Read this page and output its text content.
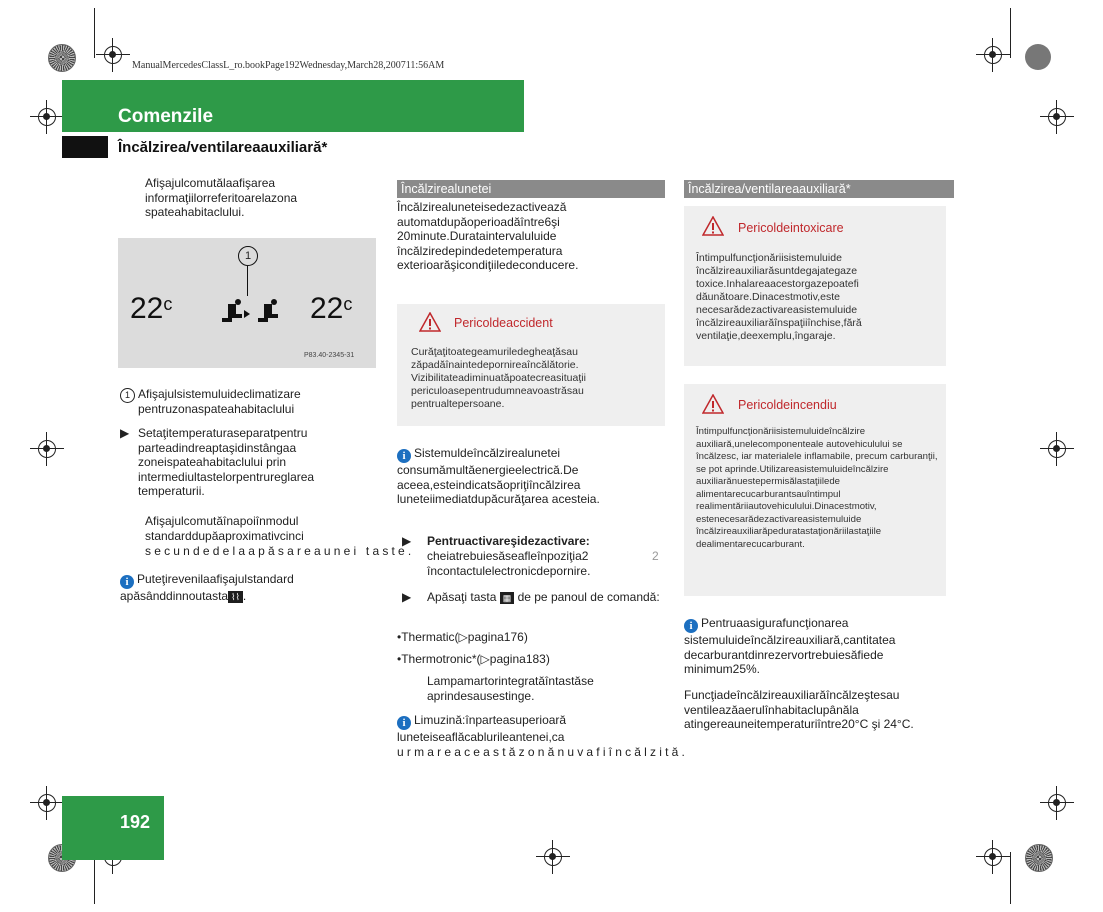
ManualMercedesClassL_ro.bookPage192Wednesday,March28,200711:56AM
Comenzile
Încălzirea/ventilareaauxiliară*
Afişajulcomutălaafişarea informaţiilorreferitoarelazona spateahabitaclului.
1
22$^c$	22$^c$
P83.40-2345-31
1 Afişajulsistemuluideclimatizare pentruzonaspateahabitaclului
▶ Setaţitemperaturaseparatpentru parteadindreaptaşidinstângaa zoneispateahabitaclului prin intermediultastelorpentrureglarea temperaturii.
Afişajulcomutăînapoiînmodul standarddupăaproximativcinci
secundedelaapăsareaunei taste.
i Puteţirevenilaafişajulstandard apăsânddinnoutasta ⌇⌇ .
Încălzirealunetei
Încălzirealuneteisedezactivează automatdupăoperioadăîntre6şi 20minute.Durataintervaluluide încălziredepindedetemperatura exterioarăşicondiţiiledeconducere.
Pericoldeaccident
Curăţaţitoategeamuriledegheaţăsau zăpadăînaintedepornireaîncălătorie. Vizibilitateadiminuatăpoatecreasituaţii periculoasepentrudumneavoastrăsau pentrualtepersoane.
i Sistemuldeîncălzirealunetei consumămultăenergieelectrică.De aceea,esteindicatsăopriţiîncălzirea luneteiimediatdupăcurăţarea acesteia.
▶ Pentruactivareşidezactivare:
cheiatrebuiesăseafleînpoziţia2 încontactulelectronicdepornire.
2
▶ Apăsaţi tasta ▦ de pe panoul de comandă:
•Thermatic(▷pagina176)
•Thermotronic*(▷pagina183)
Lampamartorintegratăîntastăse aprindesausestinge.
i Limuzină:înparteasuperioară luneteiseaflăcablurileantenei,ca
urmareaceastăzonănuvafiîncălzită.
Încălzirea/ventilareaauxiliară*
Pericoldeintoxicare
Întimpulfuncţionăriisistemuluide încălzireauxiliarăsuntdegajategaze toxice.Inhalareaacestorgazepoatefi dăunătoare.Dinacestmotiv,este necesarădezactivareasistemuluide încălzireauxiliarăînspaţiiînchise,fără ventilaţie,deexemplu,îngaraje.
Pericoldeincendiu
Întimpulfuncţionăriisistemuluideîncălzire auxiliară,unelecomponenteale autovehiculului se încălzesc, iar materialele inflamabile, precum carburanţii, se pot aprinde.Utilizareasistemuluideîncălzire auxiliarănuestepermisălastaţiilede alimentarecucarburantsauîntimpul realimentăriiautovehiculului.Dinacestmotiv, estenecesarădezactivareasistemuluide încălzireauxiliarăpeduratastaţionăriilastaţiile dealimentarecucarburant.
i Pentruaasigurafuncţionarea sistemuluideîncălzireauxiliară,cantitatea decarburantdinrezervortrebuiesăfiede minimum25%.
Funcţiadeîncălzireauxiliarăîncălzeştesau ventileazăaerulînhabitaclupânăla atingereauneitemperaturiîntre20°C şi 24°C.
192
